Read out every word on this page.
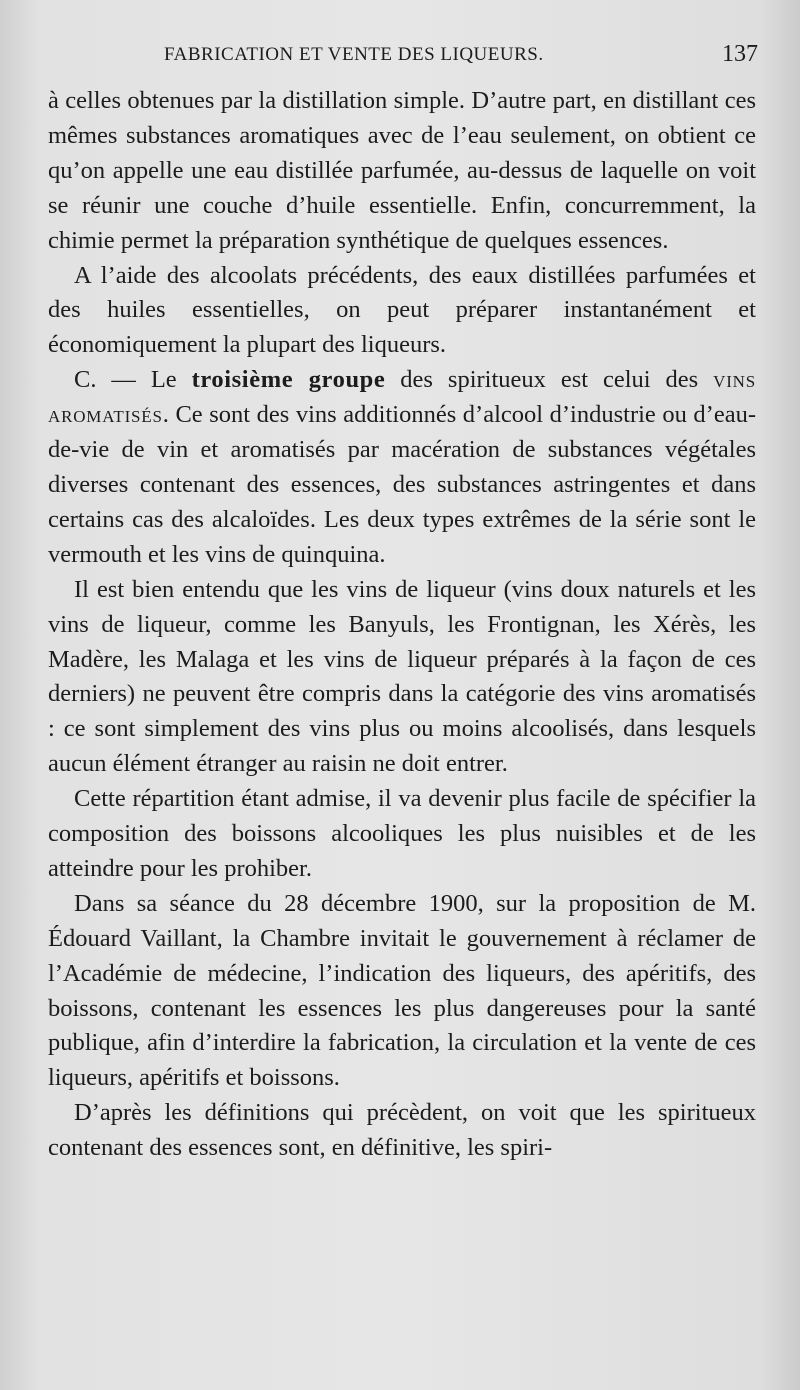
FABRICATION ET VENTE DES LIQUEURS.	137

à celles obtenues par la distillation simple. D’autre part, en distillant ces mêmes substances aromatiques avec de l’eau seulement, on obtient ce qu’on appelle une eau distillée parfumée, au-dessus de laquelle on voit se réunir une couche d’huile essentielle. Enfin, concurremment, la chimie permet la préparation synthétique de quelques essences.

A l’aide des alcoolats précédents, des eaux distillées parfumées et des huiles essentielles, on peut préparer instantanément et économiquement la plupart des liqueurs.

C. — Le troisième groupe des spiritueux est celui des vins aromatisés. Ce sont des vins additionnés d’alcool d’industrie ou d’eau-de-vie de vin et aromatisés par macération de substances végétales diverses contenant des essences, des substances astringentes et dans certains cas des alcaloïdes. Les deux types extrêmes de la série sont le vermouth et les vins de quinquina.

Il est bien entendu que les vins de liqueur (vins doux naturels et les vins de liqueur, comme les Banyuls, les Frontignan, les Xérès, les Madère, les Malaga et les vins de liqueur préparés à la façon de ces derniers) ne peuvent être compris dans la catégorie des vins aromatisés : ce sont simplement des vins plus ou moins alcoolisés, dans lesquels aucun élément étranger au raisin ne doit entrer.

Cette répartition étant admise, il va devenir plus facile de spécifier la composition des boissons alcooliques les plus nuisibles et de les atteindre pour les prohiber.

Dans sa séance du 28 décembre 1900, sur la proposition de M. Édouard Vaillant, la Chambre invitait le gouvernement à réclamer de l’Académie de médecine, l’indication des liqueurs, des apéritifs, des boissons, contenant les essences les plus dangereuses pour la santé publique, afin d’interdire la fabrication, la circulation et la vente de ces liqueurs, apéritifs et boissons.

D’après les définitions qui précèdent, on voit que les spiritueux contenant des essences sont, en définitive, les spiri-
